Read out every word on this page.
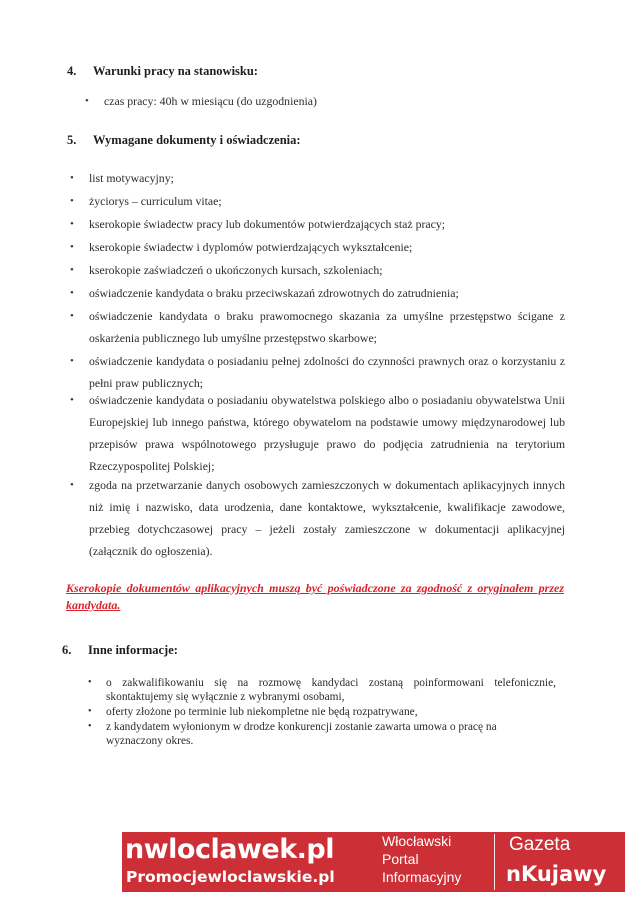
4. Warunki pracy na stanowisku:
• czas pracy: 40h w miesiącu (do uzgodnienia)
5. Wymagane dokumenty i oświadczenia:
• list motywacyjny;
• życiorys – curriculum vitae;
• kserokopie świadectw pracy lub dokumentów potwierdzających staż pracy;
• kserokopie świadectw i dyplomów potwierdzających wykształcenie;
• kserokopie zaświadczeń o ukończonych kursach, szkoleniach;
• oświadczenie kandydata o braku przeciwskazań zdrowotnych do zatrudnienia;
• oświadczenie kandydata o braku prawomocnego skazania za umyślne przestępstwo ścigane z oskarżenia publicznego lub umyślne przestępstwo skarbowe;
• oświadczenie kandydata o posiadaniu pełnej zdolności do czynności prawnych oraz o korzystaniu z pełni praw publicznych;
• oświadczenie kandydata o posiadaniu obywatelstwa polskiego albo o posiadaniu obywatelstwa Unii Europejskiej lub innego państwa, którego obywatelom na podstawie umowy międzynarodowej lub przepisów prawa wspólnotowego przysługuje prawo do podjęcia zatrudnienia na terytorium Rzeczypospolitej Polskiej;
• zgoda na przetwarzanie danych osobowych zamieszczonych w dokumentach aplikacyjnych innych niż imię i nazwisko, data urodzenia, dane kontaktowe, wykształcenie, kwalifikacje zawodowe, przebieg dotychczasowej pracy – jeżeli zostały zamieszczone w dokumentacji aplikacyjnej (załącznik do ogłoszenia).
Kserokopie dokumentów aplikacyjnych muszą być poświadczone za zgodność z oryginałem przez kandydata.
6. Inne informacje:
• o zakwalifikowaniu się na rozmowę kandydaci zostaną poinformowani telefonicznie, skontaktujemy się wyłącznie z wybranymi osobami,
• oferty złożone po terminie lub niekompletne nie będą rozpatrywane,
• z kandydatem wyłonionym w drodze konkurencji zostanie zawarta umowa o pracę na wyznaczony okres.
nwloclawek.pl
Promocjewloclawskie.pl
Włocławski
Portal
Informacyjny
Gazeta
nKujawy
